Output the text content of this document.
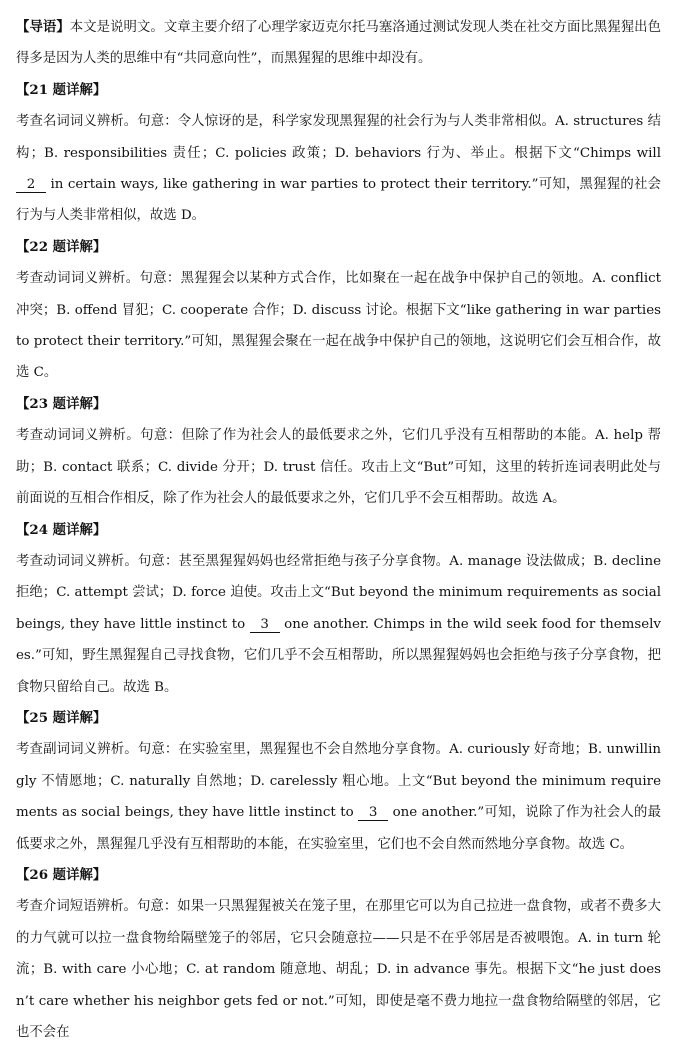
【导语】本文是说明文。文章主要介绍了心理学家迈克尔托马塞洛通过测试发现人类在社交方面比黑猩猩出色得多是因为人类的思维中有“共同意向性”，而黑猩猩的思维中却没有。

【21 题详解】

考查名词词义辨析。句意：令人惊讶的是，科学家发现黑猩猩的社会行为与人类非常相似。A. structures 结构；B. responsibilities 责任；C. policies 政策；D. behaviors 行为、举止。根据下文“Chimps will 2 in certain ways, like gathering in war parties to protect their territory.”可知，黑猩猩的社会行为与人类非常相似，故选 D。

【22 题详解】

考查动词词义辨析。句意：黑猩猩会以某种方式合作，比如聚在一起在战争中保护自己的领地。A. conflict 冲突；B. offend 冒犯；C. cooperate 合作；D. discuss 讨论。根据下文“like gathering in war parties to protect their territory.”可知，黑猩猩会聚在一起在战争中保护自己的领地，这说明它们会互相合作，故选 C。

【23 题详解】

考查动词词义辨析。句意：但除了作为社会人的最低要求之外，它们几乎没有互相帮助的本能。A. help 帮助；B. contact 联系；C. divide 分开；D. trust 信任。攻击上文“But”可知，这里的转折连词表明此处与前面说的互相合作相反，除了作为社会人的最低要求之外，它们几乎不会互相帮助。故选 A。

【24 题详解】

考查动词词义辨析。句意：甚至黑猩猩妈妈也经常拒绝与孩子分享食物。A. manage 设法做成；B. decline 拒绝；C. attempt 尝试；D. force 迫使。攻击上文“But beyond the minimum requirements as social beings, they have little instinct to 3 one another. Chimps in the wild seek food for themselves.”可知，野生黑猩猩自己寻找食物，它们几乎不会互相帮助，所以黑猩猩妈妈也会拒绝与孩子分享食物，把食物只留给自己。故选 B。

【25 题详解】

考查副词词义辨析。句意：在实验室里，黑猩猩也不会自然地分享食物。A. curiously 好奇地；B. unwillingly 不情愿地；C. naturally 自然地；D. carelessly 粗心地。上文“But beyond the minimum requirements as social beings, they have little instinct to 3 one another.”可知，说除了作为社会人的最低要求之外，黑猩猩几乎没有互相帮助的本能，在实验室里，它们也不会自然而然地分享食物。故选 C。

【26 题详解】

考查介词短语辨析。句意：如果一只黑猩猩被关在笼子里，在那里它可以为自己拉进一盘食物，或者不费多大的力气就可以拉一盘食物给隔壁笼子的邻居，它只会随意拉——只是不在乎邻居是否被喂饱。A. in turn 轮流；B. with care 小心地；C. at random 随意地、胡乱；D. in advance 事先。根据下文“he just doesn’t care whether his neighbor gets fed or not.”可知，即使是毫不费力地拉一盘食物给隔壁的邻居，它也不会在
